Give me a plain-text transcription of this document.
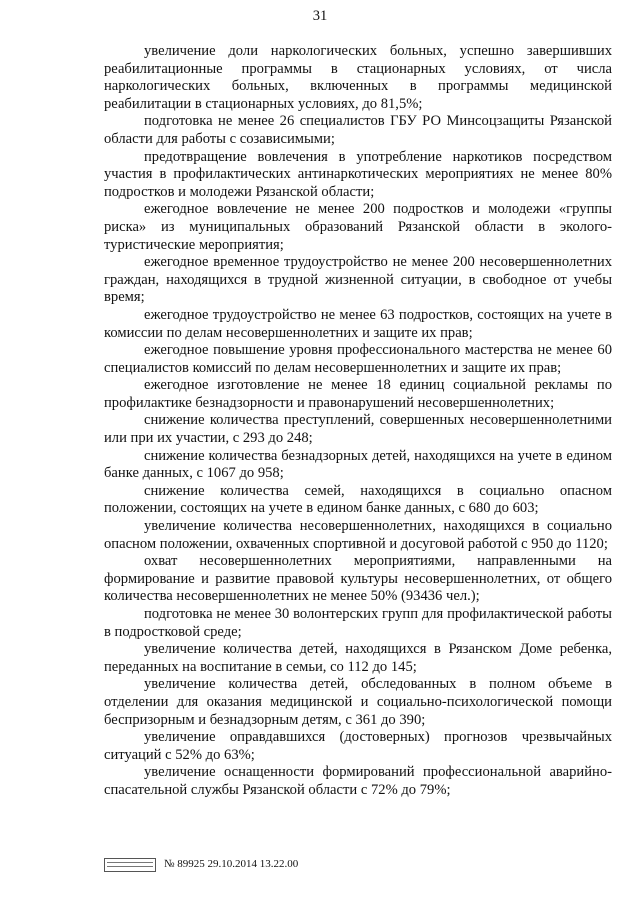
31

увеличение доли наркологических больных, успешно завершивших реабилитационные программы в стационарных условиях, от числа наркологических больных, включенных в программы медицинской реабилитации в стационарных условиях, до 81,5%;

подготовка не менее 26 специалистов ГБУ РО Минсоцзащиты Рязанской области для работы с созависимыми;

предотвращение вовлечения в употребление наркотиков посредством участия в профилактических антинаркотических мероприятиях не менее 80% подростков и молодежи Рязанской области;

ежегодное вовлечение не менее 200 подростков и молодежи «группы риска» из муниципальных образований Рязанской области в эколого-туристические мероприятия;

ежегодное временное трудоустройство не менее 200 несовершеннолетних граждан, находящихся в трудной жизненной ситуации, в свободное от учебы время;

ежегодное трудоустройство не менее 63 подростков, состоящих на учете в комиссии по делам несовершеннолетних и защите их прав;

ежегодное повышение уровня профессионального мастерства не менее 60 специалистов комиссий по делам несовершеннолетних и защите их прав;

ежегодное изготовление не менее 18 единиц социальной рекламы по профилактике безнадзорности и правонарушений несовершеннолетних;

снижение количества преступлений, совершенных несовершеннолетними или при их участии, с 293 до 248;

снижение количества безнадзорных детей, находящихся на учете в едином банке данных, с 1067 до 958;

снижение количества семей, находящихся в социально опасном положении, состоящих на учете в едином банке данных, с 680 до 603;

увеличение количества несовершеннолетних, находящихся в социально опасном положении, охваченных спортивной и досуговой работой с 950 до 1120;

охват несовершеннолетних мероприятиями, направленными на формирование и развитие правовой культуры несовершеннолетних, от общего количества несовершеннолетних не менее 50% (93436 чел.);

подготовка не менее 30 волонтерских групп для профилактической работы в подростковой среде;

увеличение количества детей, находящихся в Рязанском Доме ребенка, переданных на воспитание в семьи, со 112 до 145;

увеличение количества детей, обследованных в полном объеме в отделении для оказания медицинской и социально-психологической помощи беспризорным и безнадзорным детям, с 361 до 390;

увеличение оправдавшихся (достоверных) прогнозов чрезвычайных ситуаций с 52% до 63%;

увеличение оснащенности формирований профессиональной аварийно-спасательной службы Рязанской области с 72% до 79%;

№ 89925 29.10.2014 13.22.00
